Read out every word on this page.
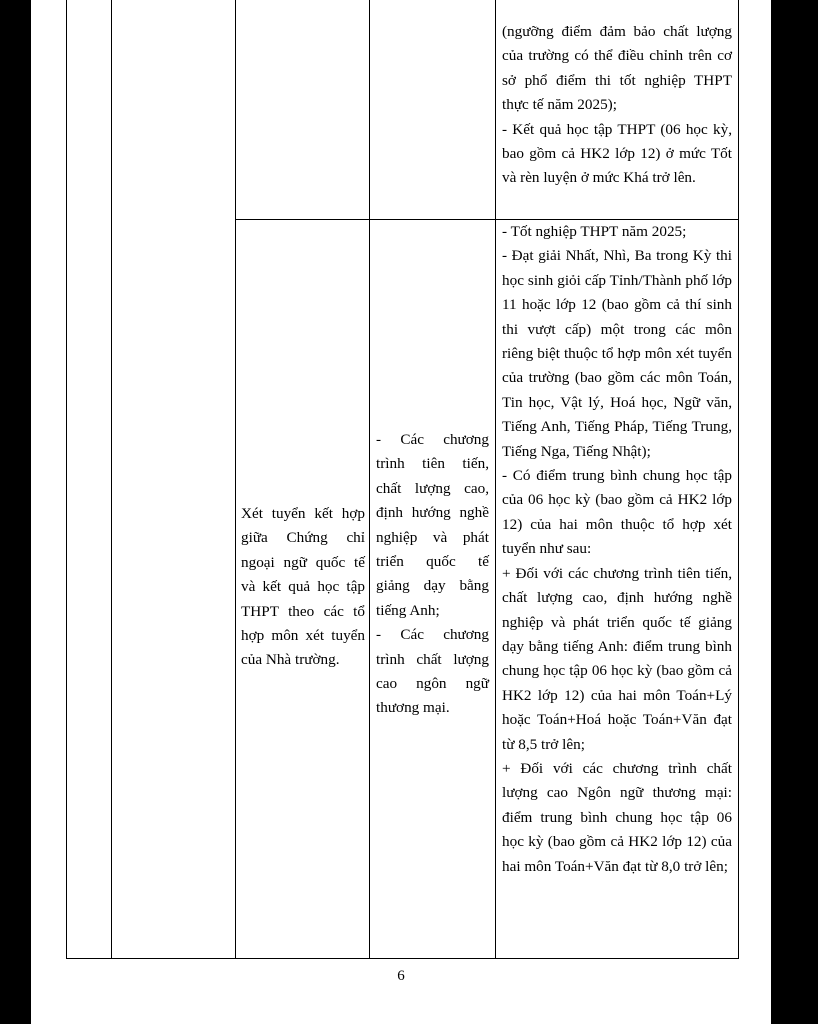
(ngưỡng điểm đảm bảo chất lượng của trường có thể điều chỉnh trên cơ sở phổ điểm thi tốt nghiệp THPT thực tế năm 2025);

- Kết quả học tập THPT (06 học kỳ, bao gồm cả HK2 lớp 12) ở mức Tốt và rèn luyện ở mức Khá trở lên.

Xét tuyển kết hợp giữa Chứng chỉ ngoại ngữ quốc tế và kết quả học tập THPT theo các tổ hợp môn xét tuyển của Nhà trường.

- Các chương trình tiên tiến, chất lượng cao, định hướng nghề nghiệp và phát triển quốc tế giảng dạy bằng tiếng Anh;

- Các chương trình chất lượng cao ngôn ngữ thương mại.

- Tốt nghiệp THPT năm 2025;

- Đạt giải Nhất, Nhì, Ba trong Kỳ thi học sinh giỏi cấp Tỉnh/Thành phố lớp 11 hoặc lớp 12 (bao gồm cả thí sinh thi vượt cấp) một trong các môn riêng biệt thuộc tổ hợp môn xét tuyển của trường (bao gồm các môn Toán, Tin học, Vật lý, Hoá học, Ngữ văn, Tiếng Anh, Tiếng Pháp, Tiếng Trung, Tiếng Nga, Tiếng Nhật);

- Có điểm trung bình chung học tập của 06 học kỳ (bao gồm cả HK2 lớp 12) của hai môn thuộc tổ hợp xét tuyển như sau:

+ Đối với các chương trình tiên tiến, chất lượng cao, định hướng nghề nghiệp và phát triển quốc tế giảng dạy bằng tiếng Anh: điểm trung bình chung học tập 06 học kỳ (bao gồm cả HK2 lớp 12) của hai môn Toán+Lý hoặc Toán+Hoá hoặc Toán+Văn đạt từ 8,5 trở lên;

+ Đối với các chương trình chất lượng cao Ngôn ngữ thương mại: điểm trung bình chung học tập 06 học kỳ (bao gồm cả HK2 lớp 12) của hai môn Toán+Văn đạt từ 8,0 trở lên;

6
